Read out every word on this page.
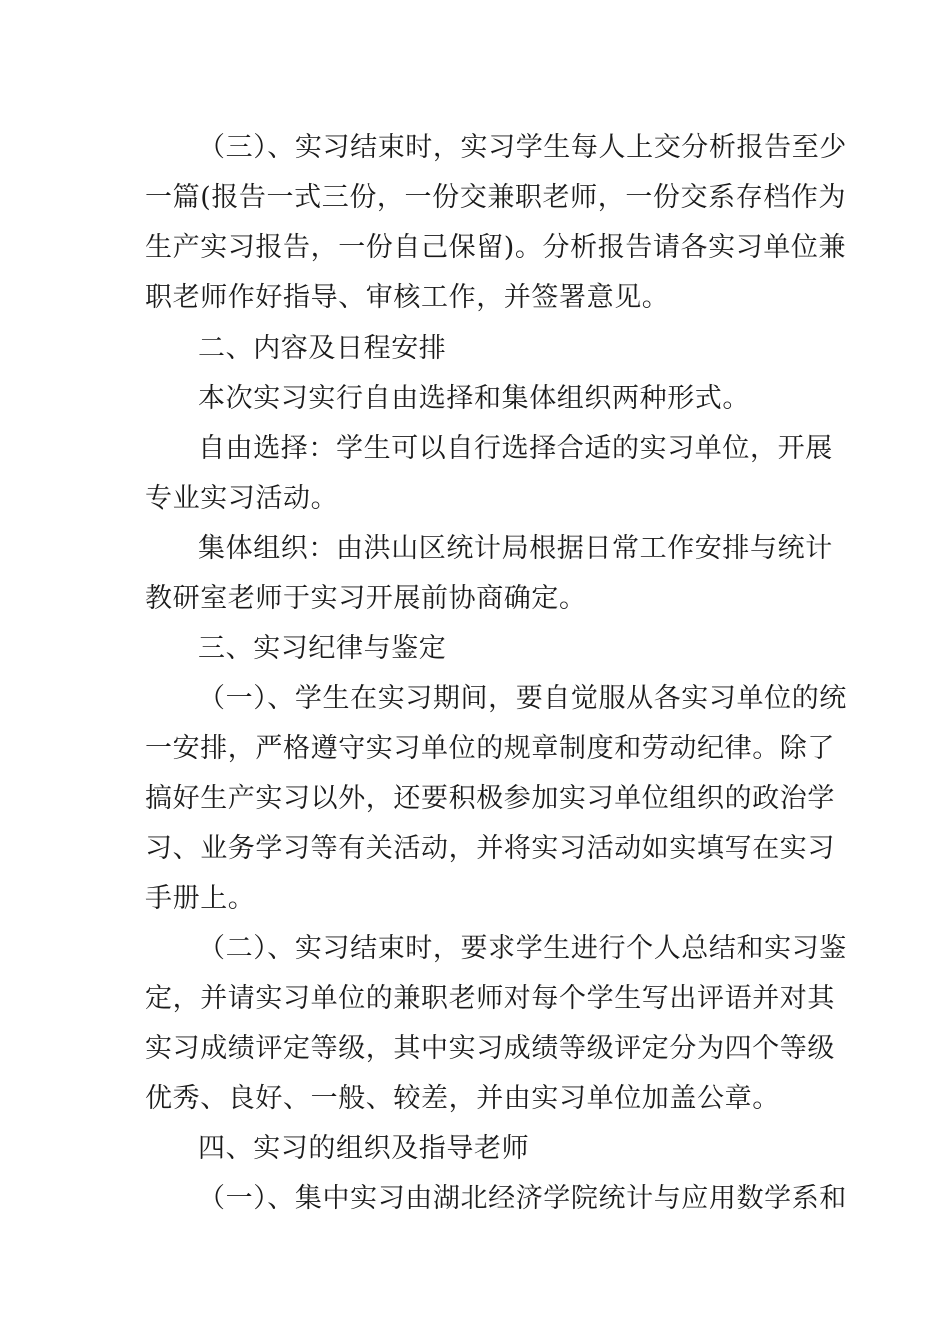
（三）、实习结束时，实习学生每人上交分析报告至少
一篇(报告一式三份，一份交兼职老师，一份交系存档作为
生产实习报告，一份自己保留)。分析报告请各实习单位兼
职老师作好指导、审核工作，并签署意见。
二、内容及日程安排
本次实习实行自由选择和集体组织两种形式。
自由选择：学生可以自行选择合适的实习单位，开展
专业实习活动。
集体组织：由洪山区统计局根据日常工作安排与统计
教研室老师于实习开展前协商确定。
三、实习纪律与鉴定
（一）、学生在实习期间，要自觉服从各实习单位的统
一安排，严格遵守实习单位的规章制度和劳动纪律。除了
搞好生产实习以外，还要积极参加实习单位组织的政治学
习、业务学习等有关活动，并将实习活动如实填写在实习
手册上。
（二）、实习结束时，要求学生进行个人总结和实习鉴
定，并请实习单位的兼职老师对每个学生写出评语并对其
实习成绩评定等级，其中实习成绩等级评定分为四个等级
优秀、良好、一般、较差，并由实习单位加盖公章。
四、实习的组织及指导老师
（一）、集中实习由湖北经济学院统计与应用数学系和
